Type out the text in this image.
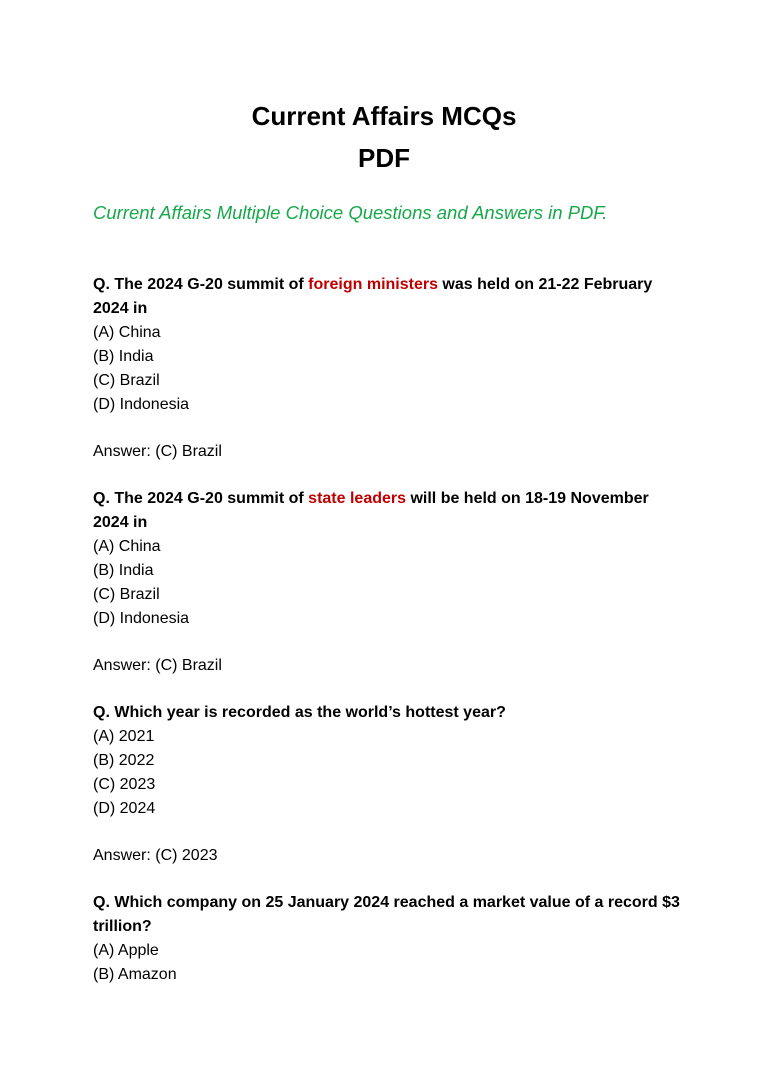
Current Affairs MCQs
PDF
Current Affairs Multiple Choice Questions and Answers in PDF.

Q. The 2024 G-20 summit of foreign ministers was held on 21-22 February

2024 in

(A) China

(B) India

(C) Brazil

(D) Indonesia

Answer: (C) Brazil

Q. The 2024 G-20 summit of state leaders will be held on 18-19 November

2024 in

(A) China

(B) India

(C) Brazil

(D) Indonesia

Answer: (C) Brazil

Q. Which year is recorded as the world’s hottest year?

(A) 2021

(B) 2022

(C) 2023

(D) 2024

Answer: (C) 2023

Q. Which company on 25 January 2024 reached a market value of a record $3

trillion?

(A) Apple

(B) Amazon
